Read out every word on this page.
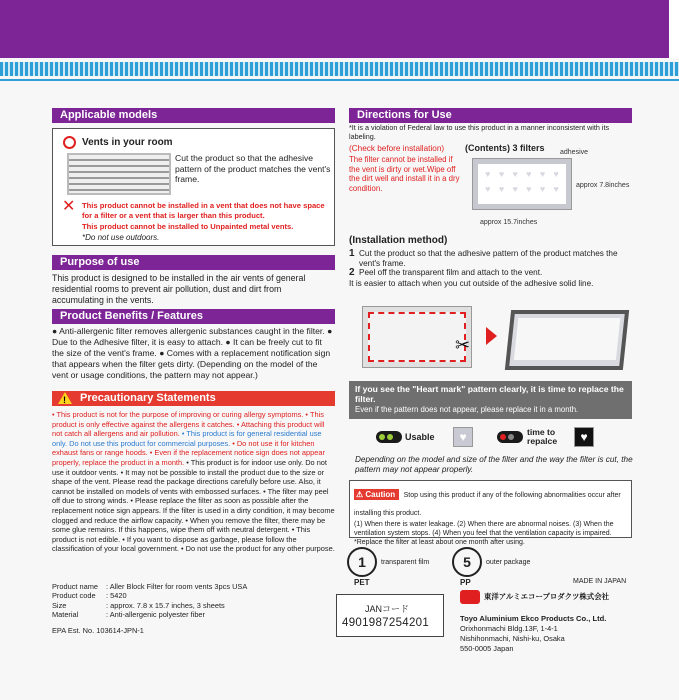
Applicable models
Vents in your room
Cut the product so that the adhesive pattern of the product matches the vent's frame.
✕ This product cannot be installed in a vent that does not have space for a filter or a vent that is larger than this product.
This product cannot be installed to Unpainted metal vents.
*Do not use outdoors.
Purpose of use
This product is designed to be installed in the air vents of general residential rooms to prevent air pollution, dust and dirt from accumulating in the vents.
Product Benefits / Features
● Anti-allergenic filter removes allergenic substances caught in the filter. ● Due to the Adhesive filter, it is easy to attach. ● It can be freely cut to fit the size of the vent's frame. ● Comes with a replacement notification sign that appears when the filter gets dirty. (Depending on the model of the vent or usage conditions, the pattern may not appear.)
! Precautionary Statements
• This product is not for the purpose of improving or curing allergy symptoms. • This product is only effective against the allergens it catches. • Attaching this product will not catch all allergens and air pollution. • This product is for general residential use only. Do not use this product for commercial purposes. • Do not use it for kitchen exhaust fans or range hoods. • Even if the replacement notice sign does not appear properly, replace the product in a month. • This product is for indoor use only. Do not use it outdoor vents. • It may not be possible to install the product due to the size or shape of the vent. Please read the package directions carefully before use. Also, it cannot be installed on models of vents with embossed surfaces. • The filter may peel off due to strong winds. • Please replace the filter as soon as possible after the replacement notice sign appears. If the filter is used in a dirty condition, it may become clogged and reduce the airflow capacity. • When you remove the filter, there may be some glue remains. If this happens, wipe them off with neutral detergent. • This product is not edible. • If you want to dispose as garbage, please follow the classification of your local government. • Do not use the product for any other purpose.
Product name : Aller Block Filter for room vents 3pcs USA
Product code : 5420
Size	: approx. 7.8 x 15.7 inches, 3 sheets
Material	: Anti-allergenic polyester fiber
EPA Est. No. 103614-JPN-1
Directions for Use
*It is a violation of Federal law to use this product in a manner inconsistent with its labeling.
(Check before installation)
The filter cannot be installed if the vent is dirty or wet.Wipe off the dirt well and install it in a dry condition.
(Contents) 3 filters adhesive
♥ ♥ ♥ ♥ ♥ ♥
♥ ♥ ♥ ♥ ♥ ♥	approx 7.8inches
approx 15.7inches
(Installation method)
1 Cut the product so that the adhesive pattern of the product matches the vent's frame.
2 Peel off the transparent film and attach to the vent.
It is easier to attach when you cut outside of the adhesive solid line.
✂
If you see the "Heart mark" pattern clearly, it is time to replace the filter.
Even if the pattern does not appear, please replace it in a month.
Usable	♥	time to repalce	♥
Depending on the model and size of the filter and the way the filter is cut, the pattern may not appear properly.
⚠ Caution Stop using this product if any of the following abnormalities occur after installing this product.
(1) When there is water leakage. (2) When there are abnormal noises. (3) When the ventilation system stops. (4) When you feel that the ventilation capacity is impaired.
*Replace the filter at least about one month after using.
1
PET
transparent film	5
PP
outer package
JANコード
4901987254201
MADE IN JAPAN
東洋アルミエコープロダクツ株式会社
Toyo Aluminium Ekco Products Co., Ltd.
Orixhonmachi Bldg.13F, 1-4-1
Nishihonmachi, Nishi-ku, Osaka
550-0005 Japan
